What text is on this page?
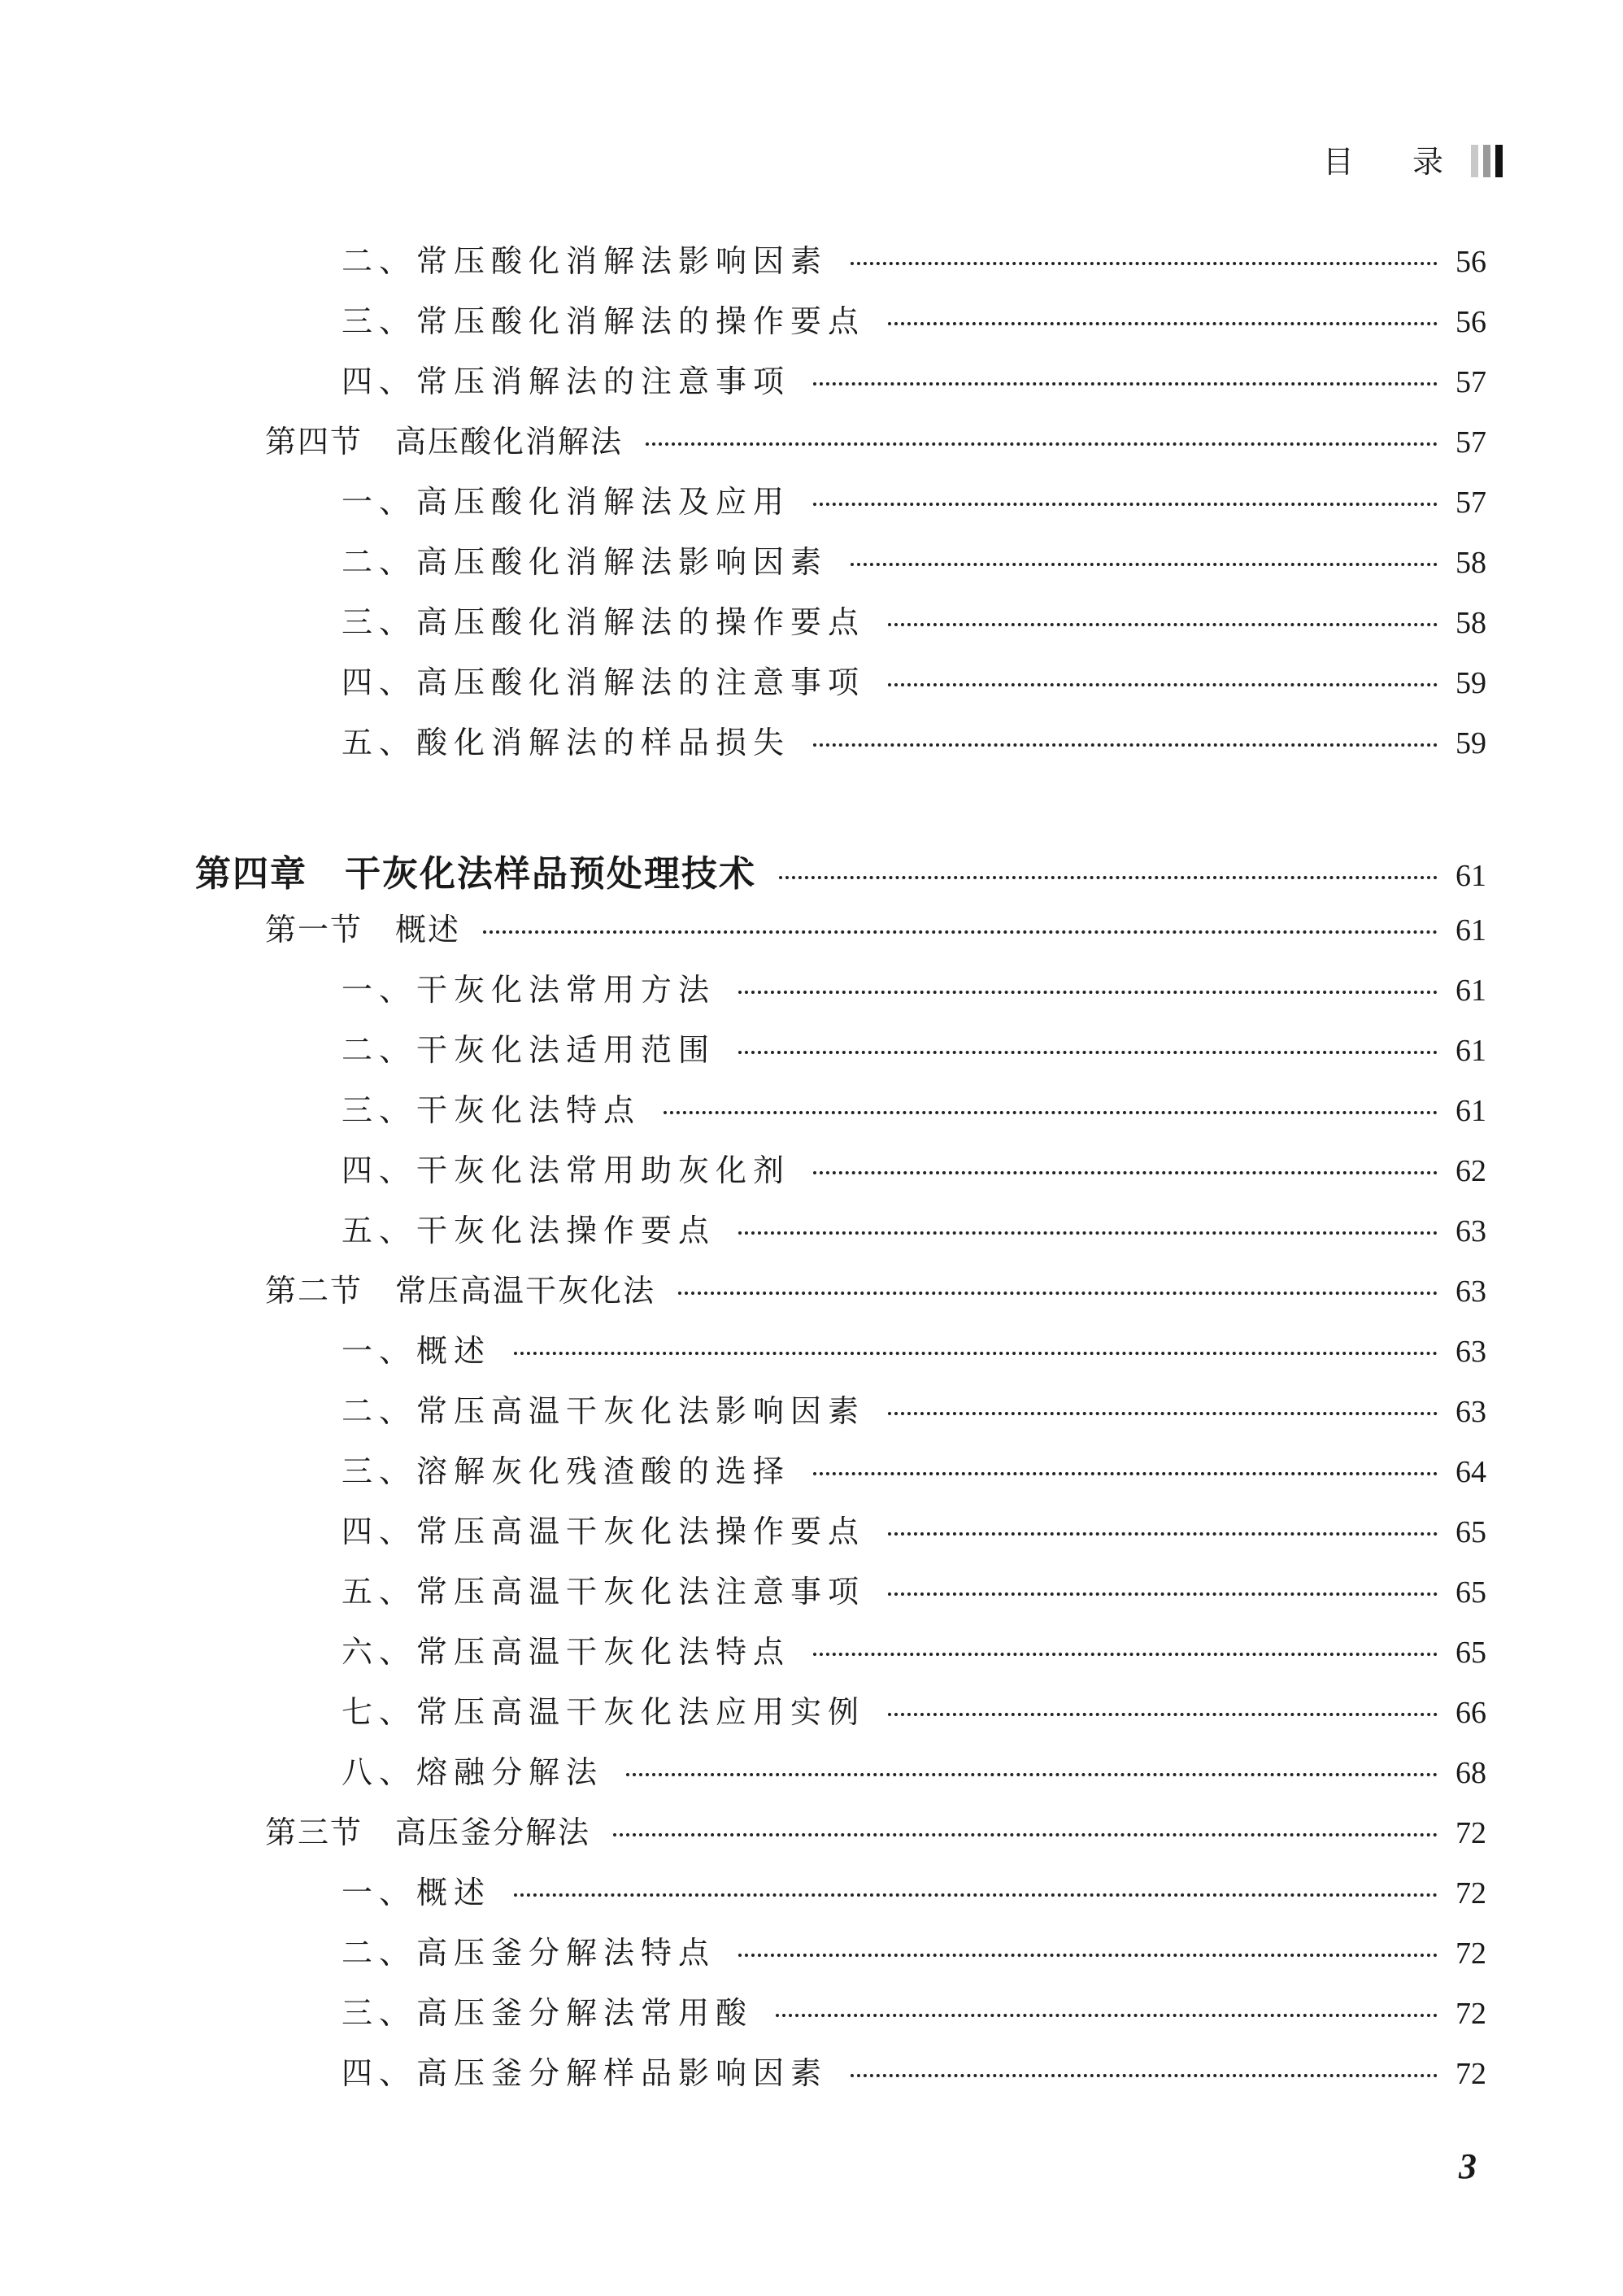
目 录
二、常压酸化消解法影响因素	56
三、常压酸化消解法的操作要点	56
四、常压消解法的注意事项	57
第四节　高压酸化消解法	57
一、高压酸化消解法及应用	57
二、高压酸化消解法影响因素	58
三、高压酸化消解法的操作要点	58
四、高压酸化消解法的注意事项	59
五、酸化消解法的样品损失	59
第四章　干灰化法样品预处理技术	61
第一节　概述	61
一、干灰化法常用方法	61
二、干灰化法适用范围	61
三、干灰化法特点	61
四、干灰化法常用助灰化剂	62
五、干灰化法操作要点	63
第二节　常压高温干灰化法	63
一、概述	63
二、常压高温干灰化法影响因素	63
三、溶解灰化残渣酸的选择	64
四、常压高温干灰化法操作要点	65
五、常压高温干灰化法注意事项	65
六、常压高温干灰化法特点	65
七、常压高温干灰化法应用实例	66
八、熔融分解法	68
第三节　高压釜分解法	72
一、概述	72
二、高压釜分解法特点	72
三、高压釜分解法常用酸	72
四、高压釜分解样品影响因素	72
3
